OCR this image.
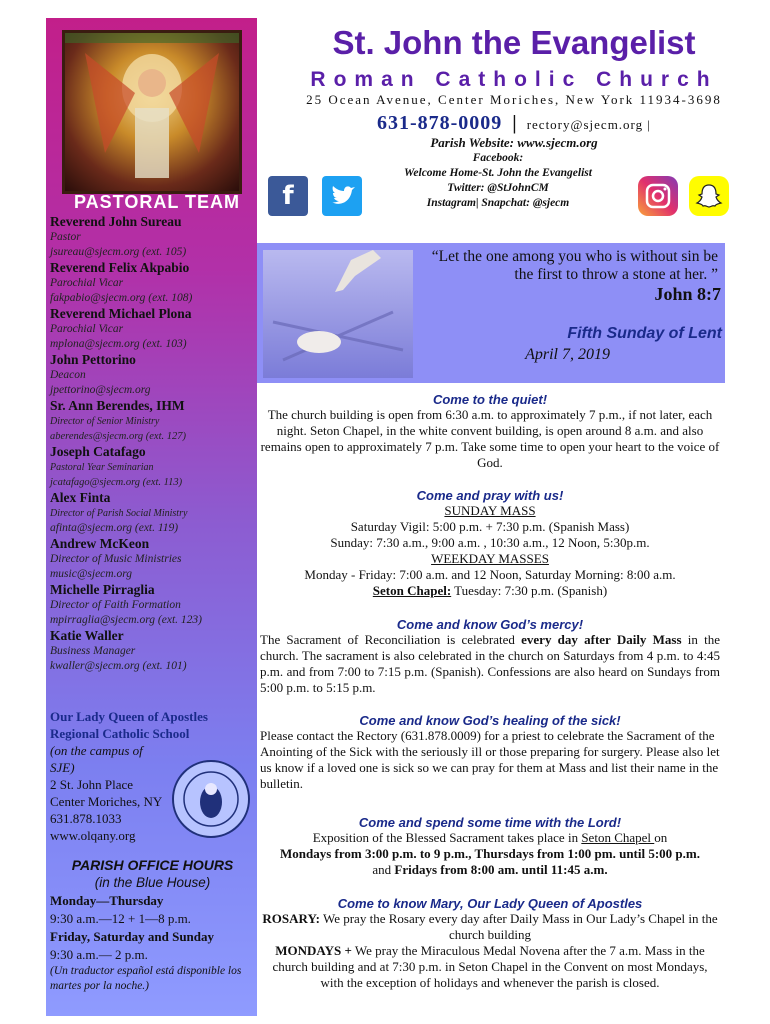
PASTORAL TEAM
Reverend John Sureau
Pastor
jsureau@sjecm.org (ext. 105)
Reverend Felix Akpabio
Parochial Vicar
fakpabio@sjecm.org (ext. 108)
Reverend Michael Plona
Parochial Vicar
mplona@sjecm.org (ext. 103)
John Pettorino
Deacon
jpettorino@sjecm.org
Sr. Ann Berendes, IHM
Director of Senior Ministry
aberendes@sjecm.org (ext. 127)
Joseph Catafago
Pastoral Year Seminarian
jcatafago@sjecm.org (ext. 113)
Alex Finta
Director of Parish Social Ministry
afinta@sjecm.org (ext. 119)
Andrew McKeon
Director of Music Ministries
music@sjecm.org
Michelle Pirraglia
Director of Faith Formation
mpirraglia@sjecm.org (ext. 123)
Katie Waller
Business Manager
kwaller@sjecm.org (ext. 101)
Our Lady Queen of Apostles
Regional Catholic School
(on the campus of
SJE)
2 St. John Place
Center Moriches, NY
631.878.1033
www.olqany.org
PARISH OFFICE HOURS
(in the Blue House)
Monday—Thursday
9:30 a.m.—12 + 1—8 p.m.
Friday, Saturday and Sunday
9:30 a.m.— 2 p.m.
(Un traductor español está disponible los martes por la noche.)
St. John the Evangelist
Roman Catholic Church
25 Ocean Avenue, Center Moriches, New York 11934-3698
631-878-0009 | rectory@sjecm.org |
Parish Website: www.sjecm.org
Facebook:
Welcome Home-St. John the Evangelist
Twitter: @StJohnCM
Instagram| Snapchat: @sjecm
f
“Let the one among you who is without sin be the first to throw a stone at her. ”
John 8:7
Fifth Sunday of Lent
April 7, 2019
Come to the quiet!
The church building is open from 6:30 a.m. to approximately 7 p.m., if not later, each night. Seton Chapel, in the white convent building, is open around 8 a.m. and also remains open to approximately 7 p.m. Take some time to open your heart to the voice of God.
Come and pray with us!
SUNDAY MASS
Saturday Vigil: 5:00 p.m. + 7:30 p.m. (Spanish Mass)
Sunday: 7:30 a.m., 9:00 a.m. , 10:30 a.m., 12 Noon, 5:30p.m.
WEEKDAY MASSES
Monday - Friday: 7:00 a.m. and 12 Noon, Saturday Morning: 8:00 a.m.
Seton Chapel: Tuesday: 7:30 p.m. (Spanish)
Come and know God’s mercy!
The Sacrament of Reconciliation is celebrated every day after Daily Mass in the church. The sacrament is also celebrated in the church on Saturdays from 4 p.m. to 4:45 p.m. and from 7:00 to 7:15 p.m. (Spanish). Confessions are also heard on Sundays from 5:00 p.m. to 5:15 p.m.
Come and know God’s healing of the sick!
Please contact the Rectory (631.878.0009) for a priest to celebrate the Sacrament of the Anointing of the Sick with the seriously ill or those preparing for surgery. Please also let us know if a loved one is sick so we can pray for them at Mass and list their name in the bulletin.
Come and spend some time with the Lord!
Exposition of the Blessed Sacrament takes place in Seton Chapel on
Mondays from 3:00 p.m. to 9 p.m., Thursdays from 1:00 pm. until 5:00 p.m.
and Fridays from 8:00 am. until 11:45 a.m.
Come to know Mary, Our Lady Queen of Apostles
ROSARY: We pray the Rosary every day after Daily Mass in Our Lady’s Chapel in the church building
MONDAYS + We pray the Miraculous Medal Novena after the 7 a.m. Mass in the church building and at 7:30 p.m. in Seton Chapel in the Convent on most Mondays, with the exception of holidays and whenever the parish is closed.
